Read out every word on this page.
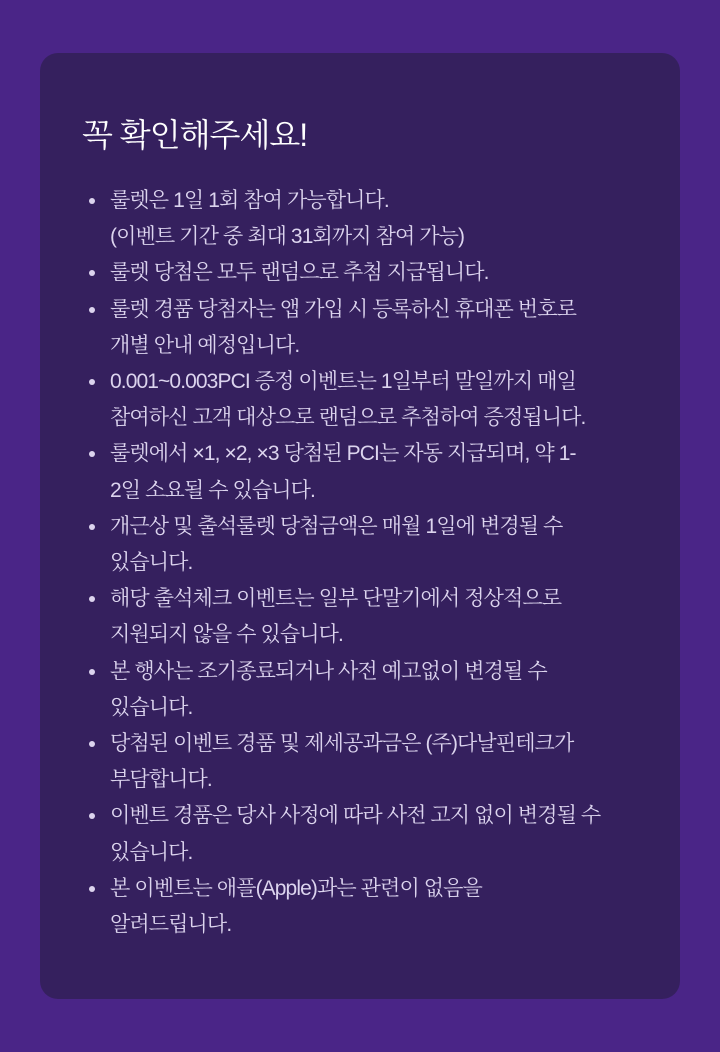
꼭 확인해주세요!
룰렛은 1일 1회 참여 가능합니다.
(이벤트 기간 중 최대 31회까지 참여 가능)
룰렛 당첨은 모두 랜덤으로 추첨 지급됩니다.
룰렛 경품 당첨자는 앱 가입 시 등록하신 휴대폰 번호로
개별 안내 예정입니다.
0.001~0.003PCI 증정 이벤트는 1일부터 말일까지 매일
참여하신 고객 대상으로 랜덤으로 추첨하여 증정됩니다.
룰렛에서 ×1, ×2, ×3 당첨된 PCI는 자동 지급되며, 약 1-
2일 소요될 수 있습니다.
개근상 및 출석룰렛 당첨금액은 매월 1일에 변경될 수
있습니다.
해당 출석체크 이벤트는 일부 단말기에서 정상적으로
지원되지 않을 수 있습니다.
본 행사는 조기종료되거나 사전 예고없이 변경될 수
있습니다.
당첨된 이벤트 경품 및 제세공과금은 (주)다날핀테크가
부담합니다.
이벤트 경품은 당사 사정에 따라 사전 고지 없이 변경될 수
있습니다.
본 이벤트는 애플(Apple)과는 관련이 없음을
알려드립니다.
